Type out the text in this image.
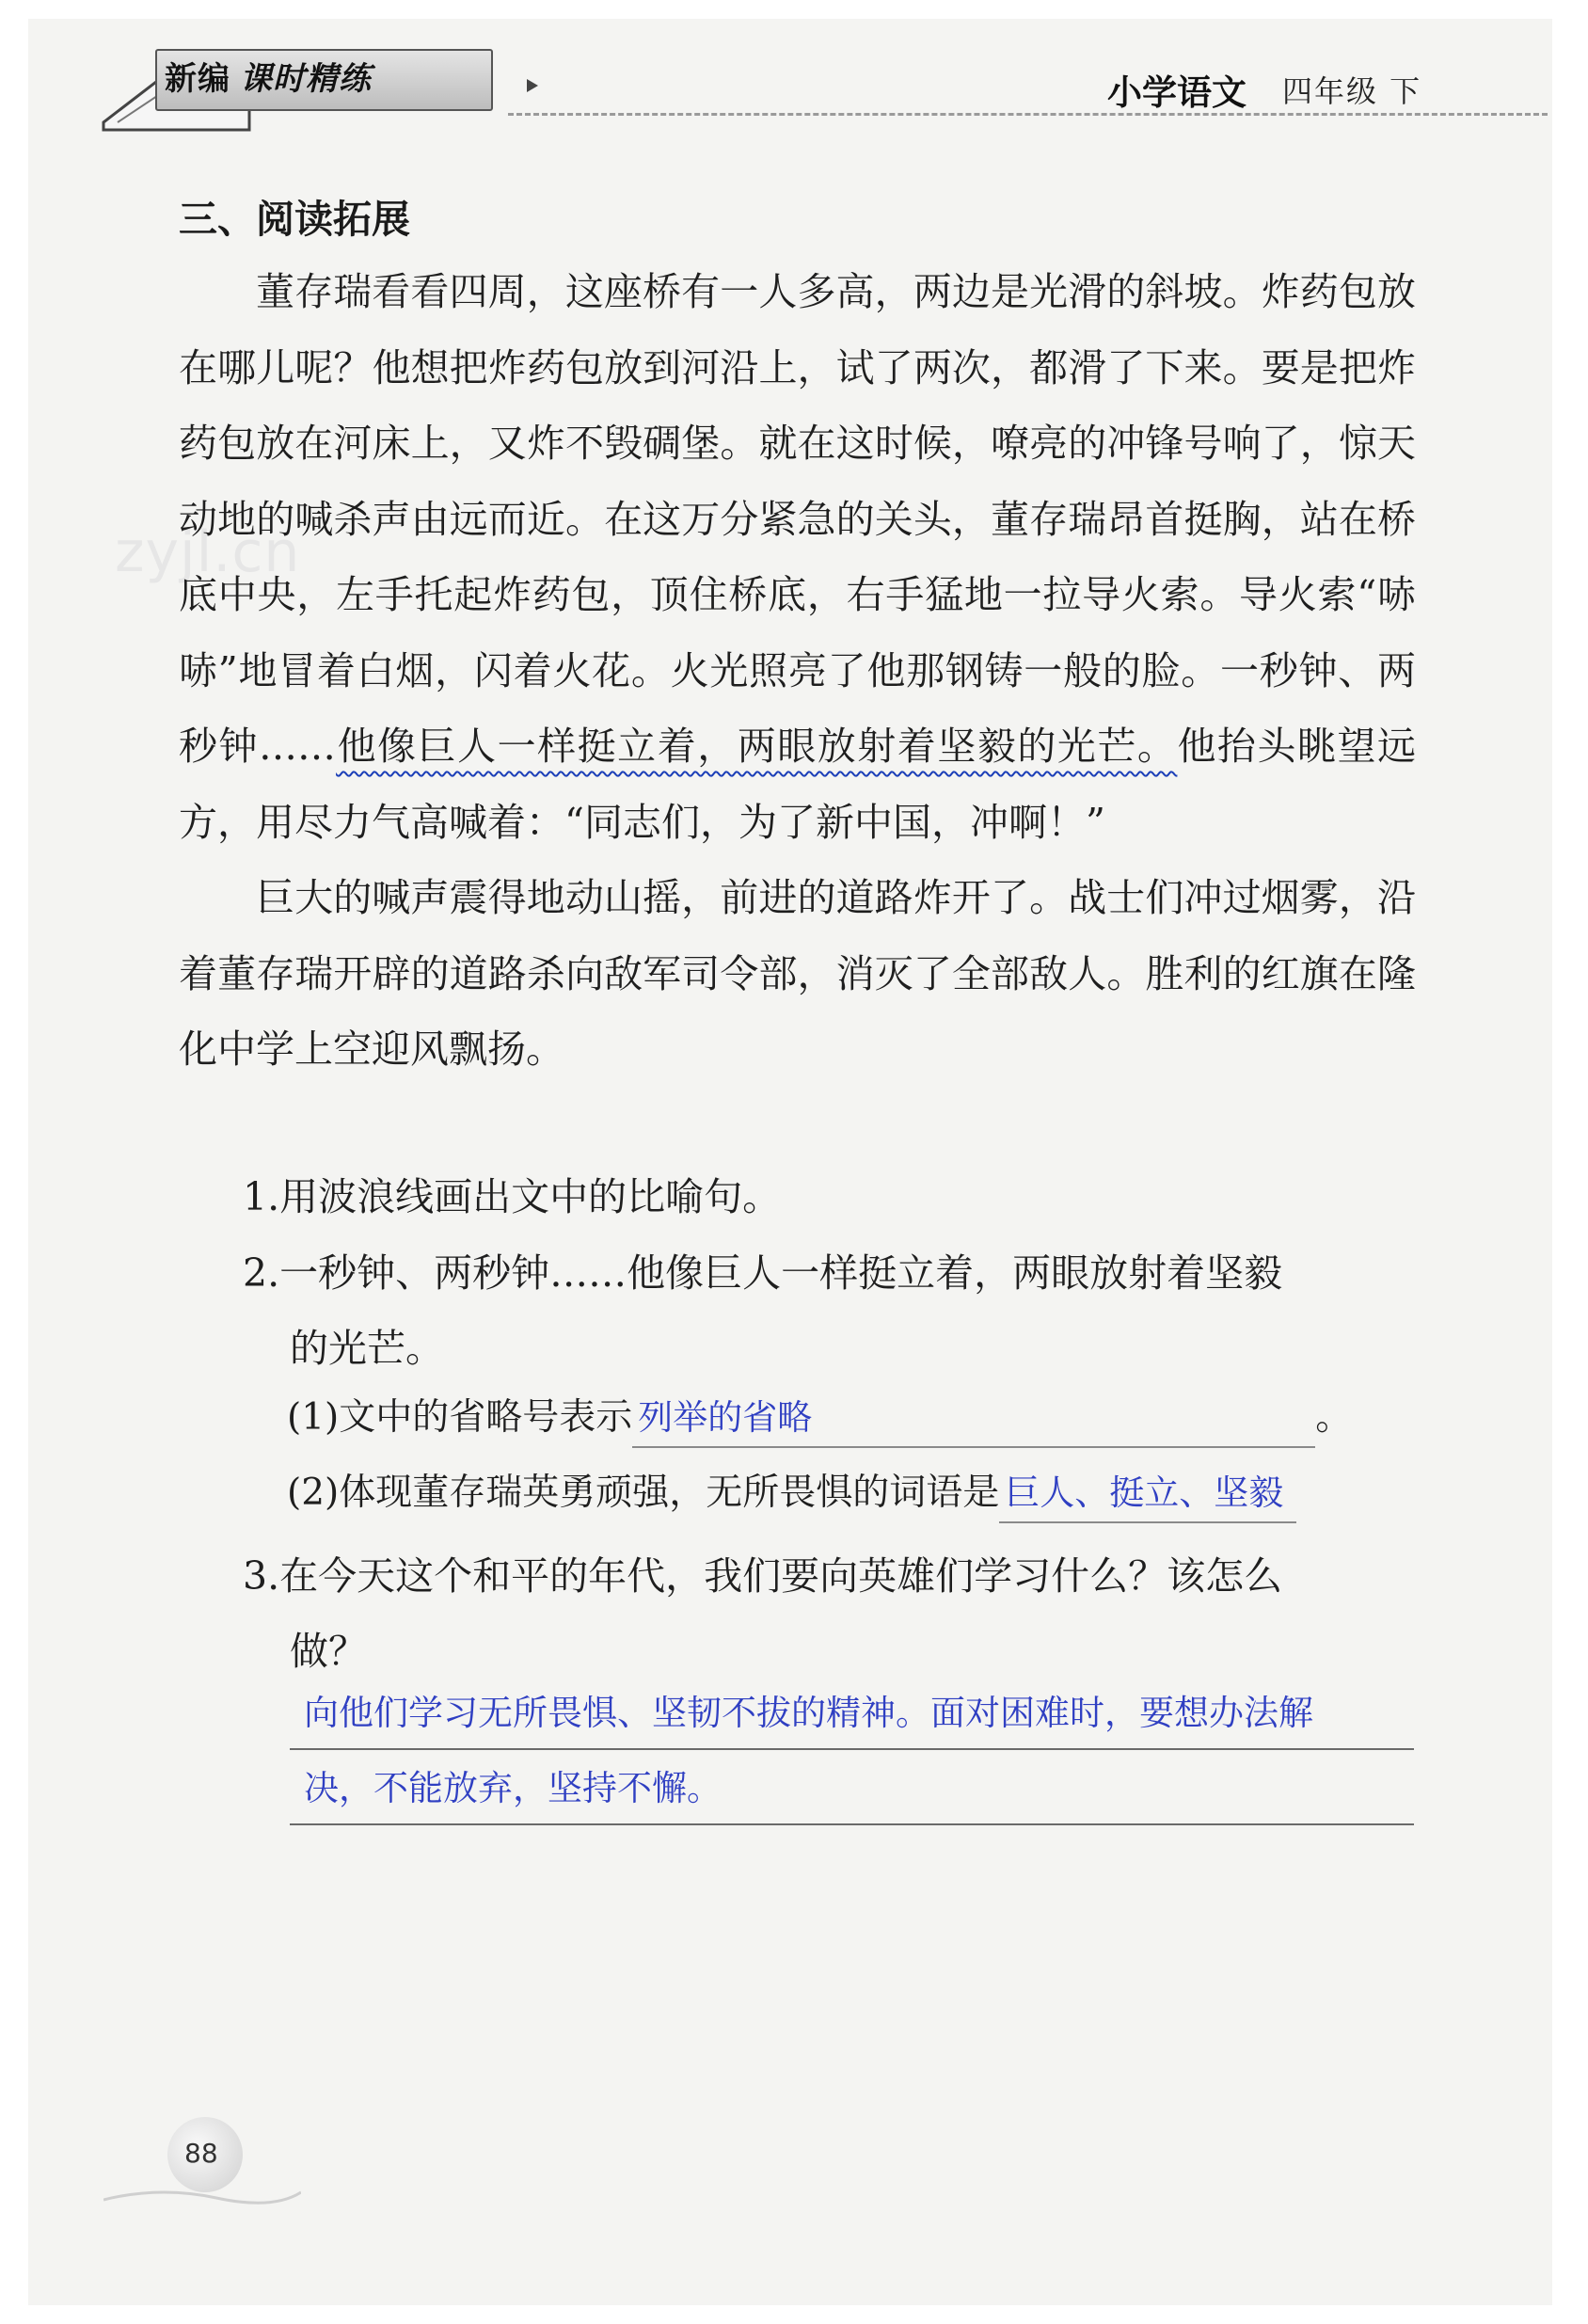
新编 课时精练	小学语文 四年级 下
zyjl.cn
三、阅读拓展

董存瑞看看四周，这座桥有一人多高，两边是光滑的斜坡。炸药包放在哪儿呢？他想把炸药包放到河沿上，试了两次，都滑了下来。要是把炸药包放在河床上，又炸不毁碉堡。就在这时候，嘹亮的冲锋号响了，惊天动地的喊杀声由远而近。在这万分紧急的关头，董存瑞昂首挺胸，站在桥底中央，左手托起炸药包，顶住桥底，右手猛地一拉导火索。导火索“哧哧”地冒着白烟，闪着火花。火光照亮了他那钢铸一般的脸。一秒钟、两秒钟……他像巨人一样挺立着，两眼放射着坚毅的光芒。他抬头眺望远方，用尽力气高喊着：“同志们，为了新中国，冲啊！”

巨大的喊声震得地动山摇，前进的道路炸开了。战士们冲过烟雾，沿着董存瑞开辟的道路杀向敌军司令部，消灭了全部敌人。胜利的红旗在隆化中学上空迎风飘扬。

1.用波浪线画出文中的比喻句。
2.一秒钟、两秒钟……他像巨人一样挺立着，两眼放射着坚毅
的光芒。
(1)文中的省略号表示 列举的省略	。
(2)体现董存瑞英勇顽强，无所畏惧的词语是 巨人、挺立、坚毅
3.在今天这个和平的年代，我们要向英雄们学习什么？该怎么
做？
向他们学习无所畏惧、坚韧不拔的精神。面对困难时，要想办法解
决，不能放弃，坚持不懈。
88
